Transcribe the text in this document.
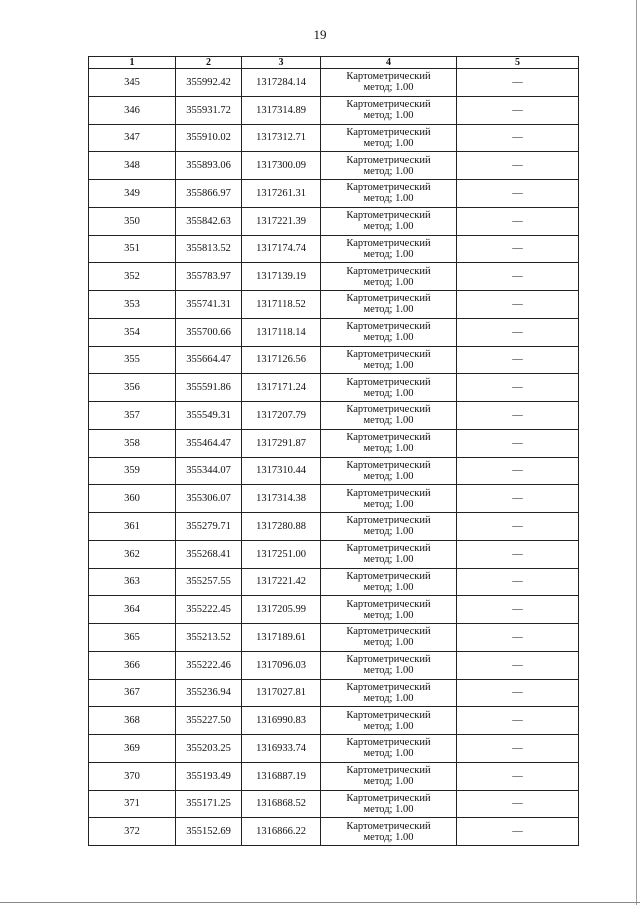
19
1	2	3	4	5
345	355992.42	1317284.14	Картометрический
метод; 1.00	—
346	355931.72	1317314.89	Картометрический
метод; 1.00	—
347	355910.02	1317312.71	Картометрический
метод; 1.00	—
348	355893.06	1317300.09	Картометрический
метод; 1.00	—
349	355866.97	1317261.31	Картометрический
метод; 1.00	—
350	355842.63	1317221.39	Картометрический
метод; 1.00	—
351	355813.52	1317174.74	Картометрический
метод; 1.00	—
352	355783.97	1317139.19	Картометрический
метод; 1.00	—
353	355741.31	1317118.52	Картометрический
метод; 1.00	—
354	355700.66	1317118.14	Картометрический
метод; 1.00	—
355	355664.47	1317126.56	Картометрический
метод; 1.00	—
356	355591.86	1317171.24	Картометрический
метод; 1.00	—
357	355549.31	1317207.79	Картометрический
метод; 1.00	—
358	355464.47	1317291.87	Картометрический
метод; 1.00	—
359	355344.07	1317310.44	Картометрический
метод; 1.00	—
360	355306.07	1317314.38	Картометрический
метод; 1.00	—
361	355279.71	1317280.88	Картометрический
метод; 1.00	—
362	355268.41	1317251.00	Картометрический
метод; 1.00	—
363	355257.55	1317221.42	Картометрический
метод; 1.00	—
364	355222.45	1317205.99	Картометрический
метод; 1.00	—
365	355213.52	1317189.61	Картометрический
метод; 1.00	—
366	355222.46	1317096.03	Картометрический
метод; 1.00	—
367	355236.94	1317027.81	Картометрический
метод; 1.00	—
368	355227.50	1316990.83	Картометрический
метод; 1.00	—
369	355203.25	1316933.74	Картометрический
метод; 1.00	—
370	355193.49	1316887.19	Картометрический
метод; 1.00	—
371	355171.25	1316868.52	Картометрический
метод; 1.00	—
372	355152.69	1316866.22	Картометрический
метод; 1.00	—
